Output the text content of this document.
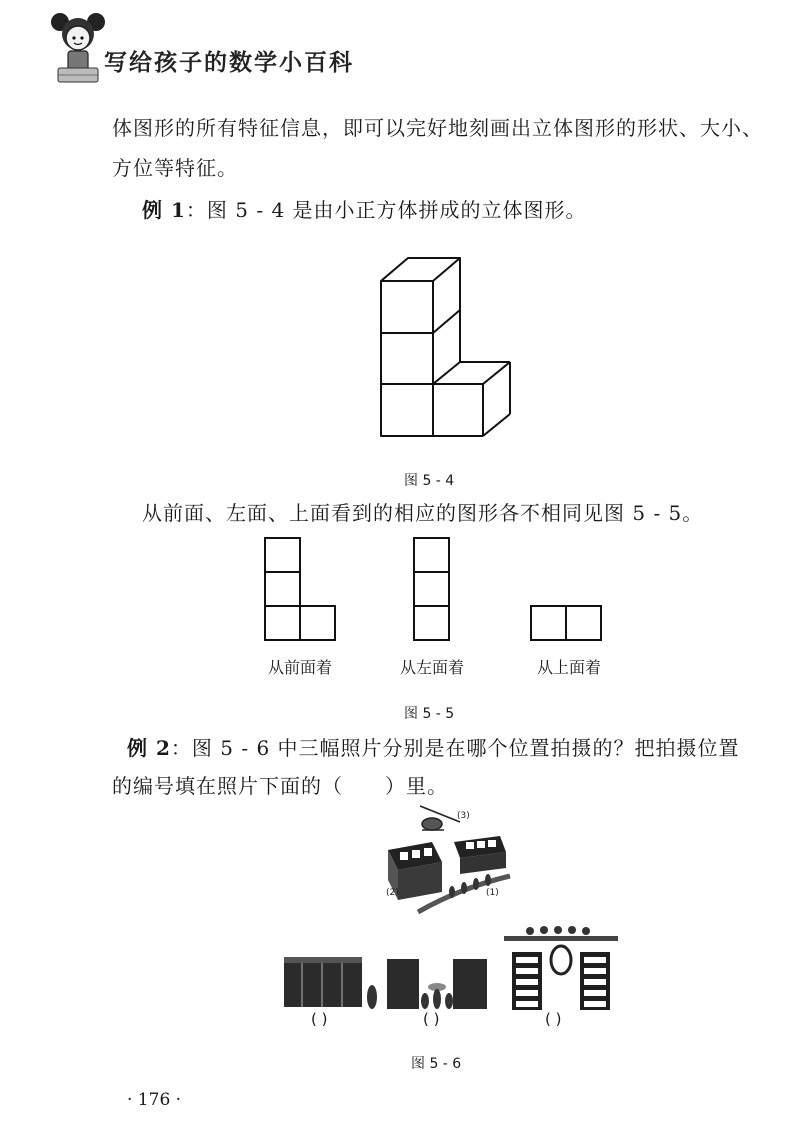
写给孩子的数学小百科
体图形的所有特征信息，即可以完好地刻画出立体图形的形状、大小、
方位等特征。
例 1：图 5 - 4 是由小正方体拼成的立体图形。
图 5 - 4
从前面、左面、上面看到的相应的图形各不相同见图 5 - 5。
从前面着	从左面着	从上面着
图 5 - 5
例 2：图 5 - 6 中三幅照片分别是在哪个位置拍摄的？把拍摄位置
的编号填在照片下面的（　　）里。
(3)
(2)	(1)
( )	( )	( )
图 5 - 6
· 176 ·
